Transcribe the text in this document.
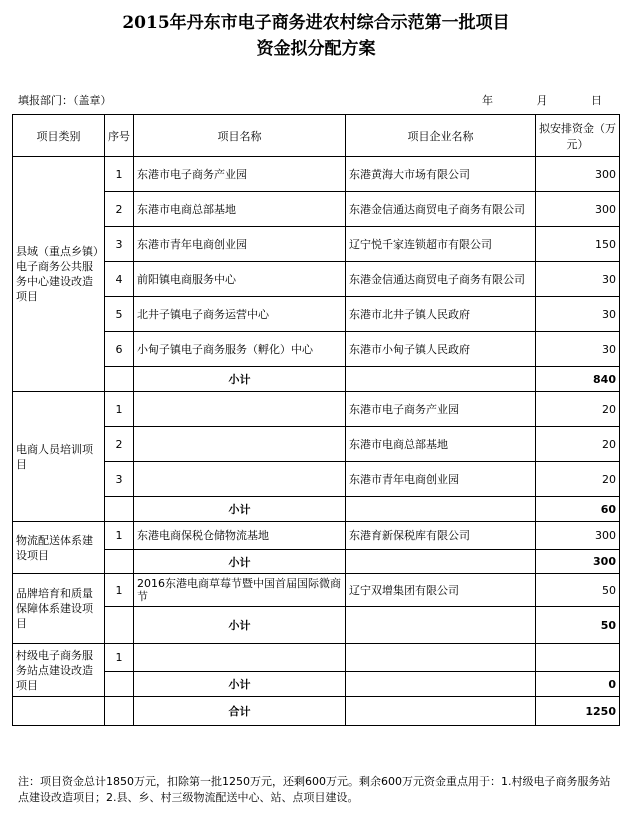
2015年丹东市电子商务进农村综合示范第一批项目
资金拟分配方案
填报部门：（盖章）	年	月	日
项目类别	序号	项目名称	项目企业名称	拟安排资金（万元）
县域（重点乡镇）电子商务公共服务中心建设改造项目	1	东港市电子商务产业园	东港黄海大市场有限公司	300
	2	东港市电商总部基地	东港金信通达商贸电子商务有限公司	300
	3	东港市青年电商创业园	辽宁悦千家连锁超市有限公司	150
	4	前阳镇电商服务中心	东港金信通达商贸电子商务有限公司	30
	5	北井子镇电子商务运营中心	东港市北井子镇人民政府	30
	6	小甸子镇电子商务服务（孵化）中心	东港市小甸子镇人民政府	30
		小计		840
电商人员培训项目	1		东港市电子商务产业园	20
	2		东港市电商总部基地	20
	3		东港市青年电商创业园	20
		小计		60
物流配送体系建设项目	1	东港电商保税仓储物流基地	东港育新保税库有限公司	300
		小计		300
品牌培育和质量保障体系建设项目	1	2016东港电商草莓节暨中国首届国际微商节	辽宁双增集团有限公司	50
		小计		50
村级电子商务服务站点建设改造项目	1			
		小计		0
		合计		1250
注：项目资金总计1850万元，扣除第一批1250万元，还剩600万元。剩余600万元资金重点用于：1.村级电子商务服务站点建设改造项目；2.县、乡、村三级物流配送中心、站、点项目建设。
